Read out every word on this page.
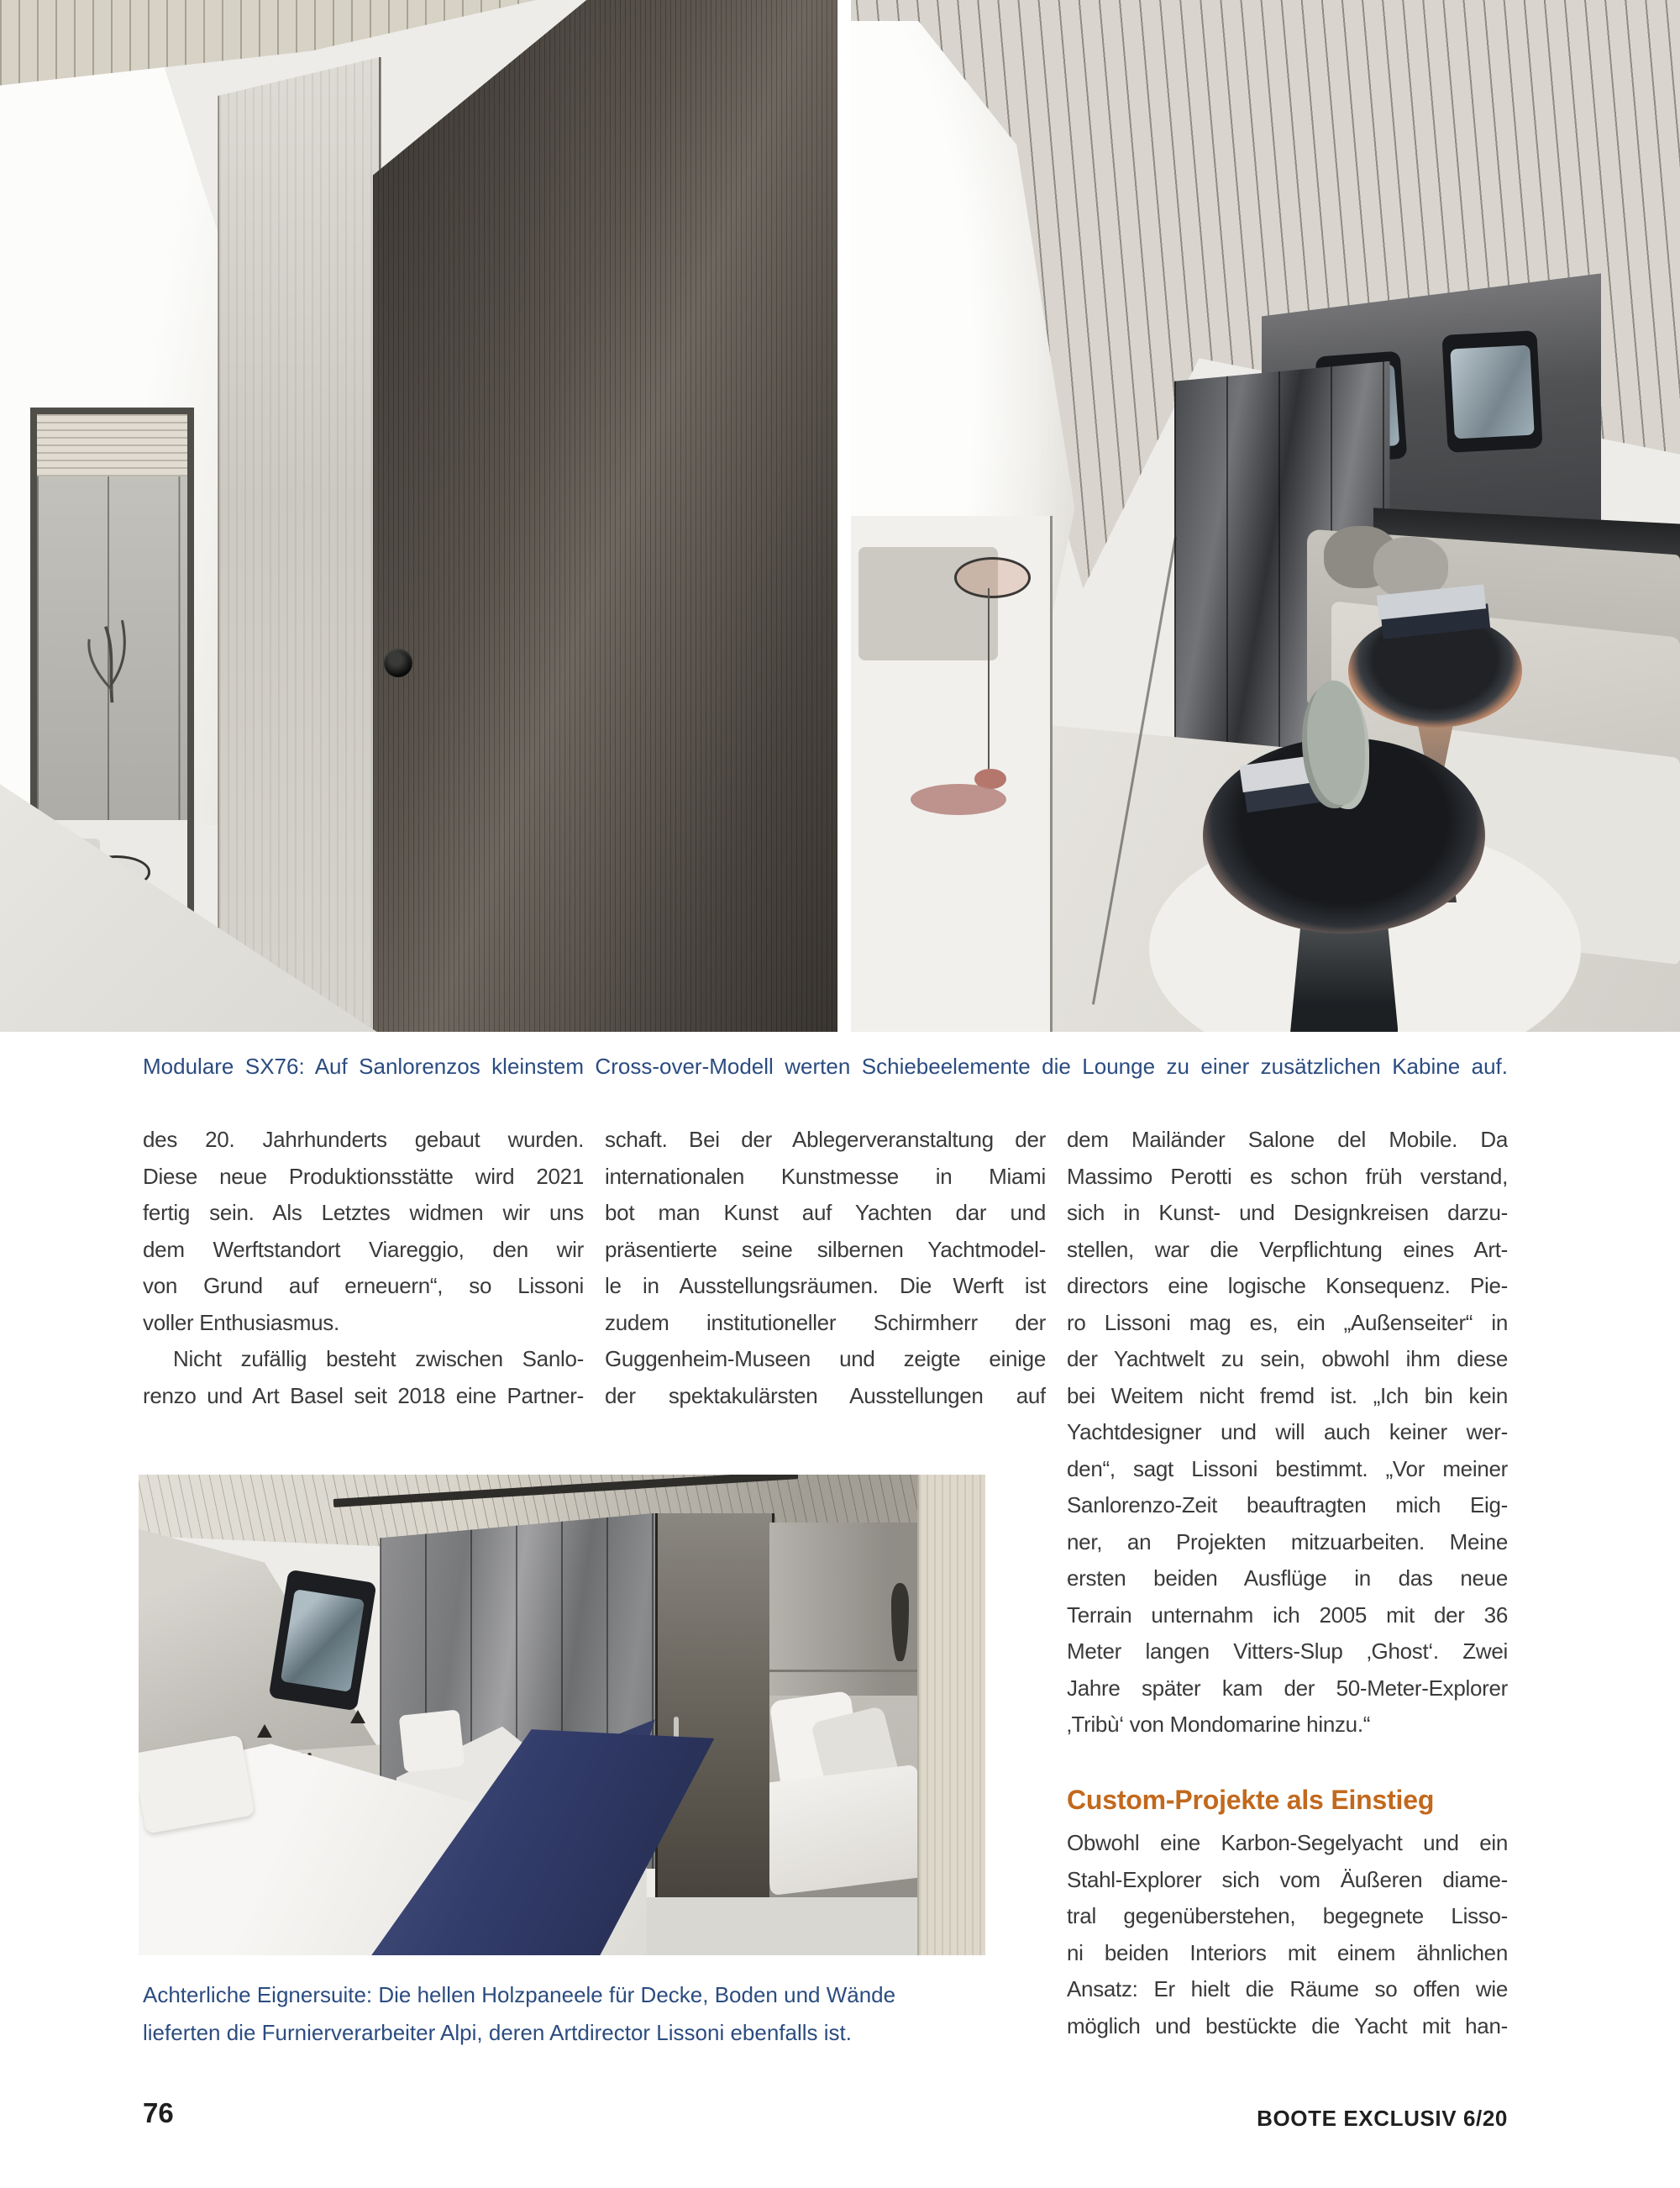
Modulare SX76: Auf Sanlorenzos kleinstem Cross-over-Modell werten Schiebeelemente die Lounge zu einer zusätzlichen Kabine auf.
des 20. Jahrhunderts gebaut wurden.
Diese neue Produktionsstätte wird 2021
fertig sein. Als Letztes widmen wir uns
dem Werftstandort Viareggio, den wir
von Grund auf erneuern“, so Lissoni
voller Enthusiasmus.
Nicht zufällig besteht zwischen Sanlo-
renzo und Art Basel seit 2018 eine Partner-
schaft. Bei der Ablegerveranstaltung der
internationalen Kunstmesse in Miami
bot man Kunst auf Yachten dar und
präsentierte seine silbernen Yachtmodel-
le in Ausstellungsräumen. Die Werft ist
zudem institutioneller Schirmherr der
Guggenheim-Museen und zeigte einige
der spektakulärsten Ausstellungen auf
dem Mailänder Salone del Mobile. Da
Massimo Perotti es schon früh verstand,
sich in Kunst- und Designkreisen darzu-
stellen, war die Verpflichtung eines Art-
directors eine logische Konsequenz. Pie-
ro Lissoni mag es, ein „Außenseiter“ in
der Yachtwelt zu sein, obwohl ihm diese
bei Weitem nicht fremd ist. „Ich bin kein
Yachtdesigner und will auch keiner wer-
den“, sagt Lissoni bestimmt. „Vor meiner
Sanlorenzo-Zeit beauftragten mich Eig-
ner, an Projekten mitzuarbeiten. Meine
ersten beiden Ausflüge in das neue
Terrain unternahm ich 2005 mit der 36
Meter langen Vitters-Slup ‚Ghost‘. Zwei
Jahre später kam der 50-Meter-Explorer
‚Tribù‘ von Mondomarine hinzu.“
Custom-Projekte als Einstieg
Obwohl eine Karbon-Segelyacht und ein
Stahl-Explorer sich vom Äußeren diame-
tral gegenüberstehen, begegnete Lisso-
ni beiden Interiors mit einem ähnlichen
Ansatz: Er hielt die Räume so offen wie
möglich und bestückte die Yacht mit han-
Achterliche Eignersuite: Die hellen Holzpaneele für Decke, Boden und Wände
lieferten die Furnierverarbeiter Alpi, deren Artdirector Lissoni ebenfalls ist.
76	BOOTE EXCLUSIV 6/20
